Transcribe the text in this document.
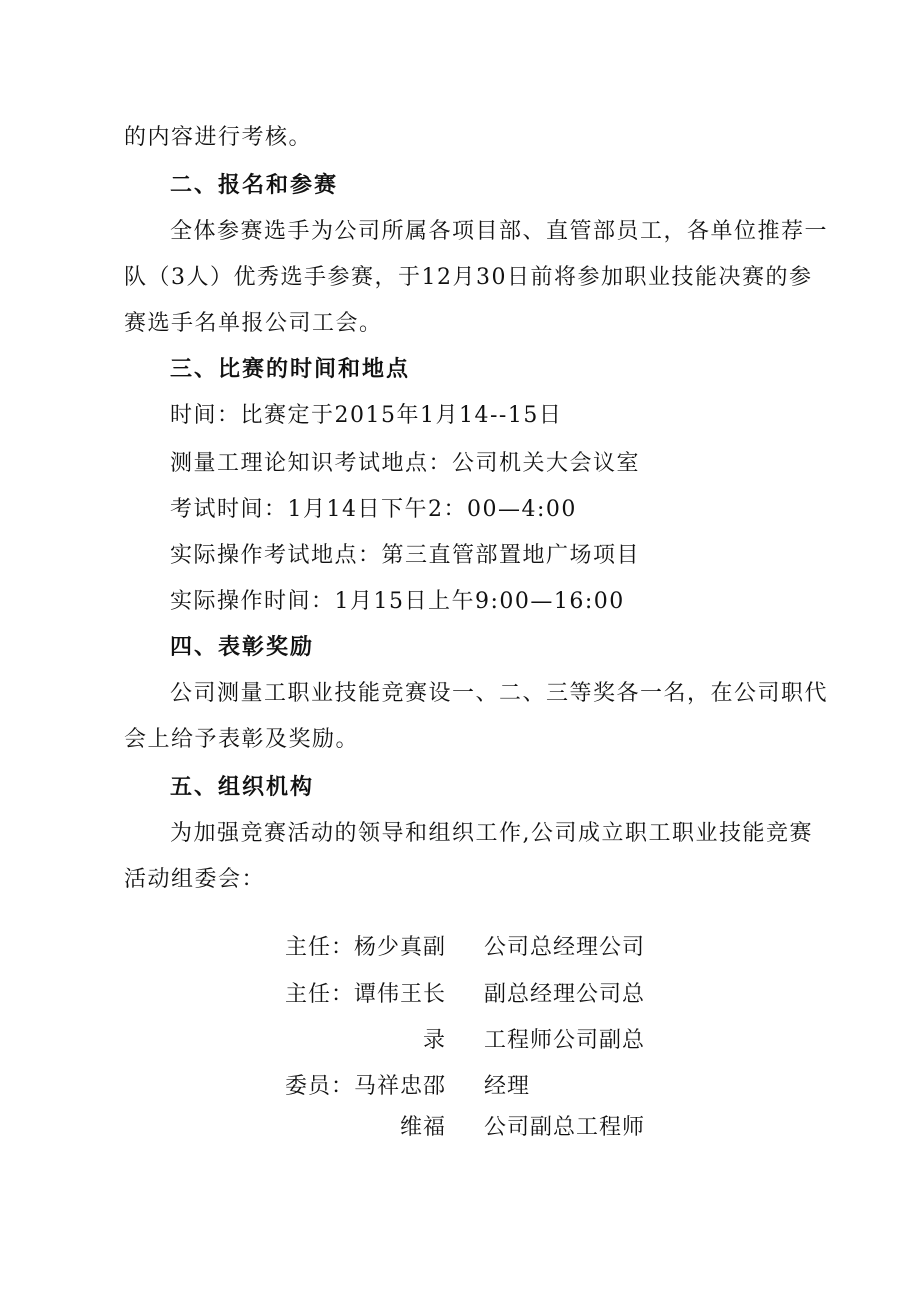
的内容进行考核。
二、报名和参赛
全体参赛选手为公司所属各项目部、直管部员工，各单位推荐一
队（3人）优秀选手参赛，于12月30日前将参加职业技能决赛的参
赛选手名单报公司工会。
三、比赛的时间和地点
时间：比赛定于2015年1月14--15日
测量工理论知识考试地点：公司机关大会议室
考试时间：1月14日下午2：00—4:00
实际操作考试地点：第三直管部置地广场项目
实际操作时间：1月15日上午9:00—16:00
四、表彰奖励
公司测量工职业技能竞赛设一、二、三等奖各一名，在公司职代
会上给予表彰及奖励。
五、组织机构
为加强竞赛活动的领导和组织工作,公司成立职工职业技能竞赛
活动组委会：
主任：杨少真副 公司总经理公司
主任：谭伟王长 副总经理公司总
录 工程师公司副总
委员：马祥忠邵 经理
维福 公司副总工程师
